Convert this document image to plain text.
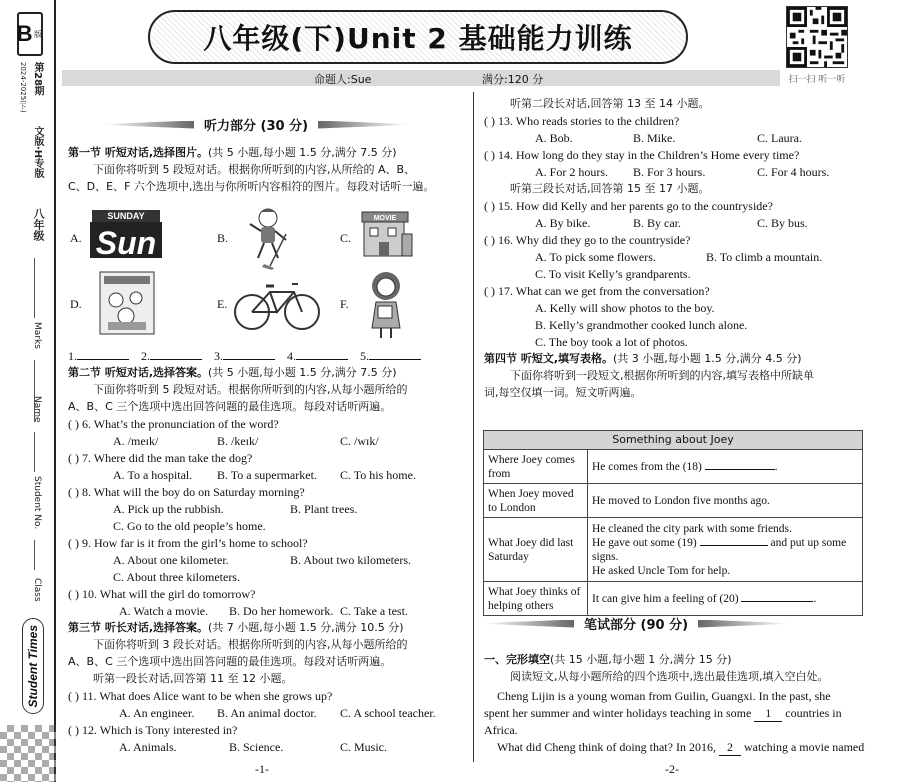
B 版
第28期
2024-2025(下)
文版·H专版
八年级
Marks
Name
Student No.
Class
Student Times
八年级(下)Unit 2 基础能力训练
扫一扫 听一听
命题人:Sue	满分:120 分
听力部分 (30 分)
第一节 听短对话,选择图片。(共 5 小题,每小题 1.5 分,满分 7.5 分)
下面你将听到 5 段短对话。根据你所听到的内容,从所给的 A、B、
C、D、E、F 六个选项中,选出与你所听内容相符的图片。每段对话听一遍。
A.
SUNDAY
Sun	B.	C.
MOVIE
D.	E.	F.
1.	2.	3.	4.	5.
第二节 听短对话,选择答案。(共 5 小题,每小题 1.5 分,满分 7.5 分)
下面你将听到 5 段短对话。根据你所听到的内容,从每小题所给的
A、B、C 三个选项中选出回答问题的最佳选项。每段对话听两遍。
( ) 6. What’s the pronunciation of the word?
A. /meɪk/	B. /keɪk/	C. /wɪk/
( ) 7. Where did the man take the dog?
A. To a hospital. B. To a supermarket. C. To his home.
( ) 8. What will the boy do on Saturday morning?
A. Pick up the rubbish.	B. Plant trees.
C. Go to the old people’s home.
( ) 9. How far is it from the girl’s home to school?
A. About one kilometer.	B. About two kilometers.
C. About three kilometers.
( ) 10. What will the girl do tomorrow?
A. Watch a movie. B. Do her homework. C. Take a test.
第三节 听长对话,选择答案。(共 7 小题,每小题 1.5 分,满分 10.5 分)
下面你将听到 3 段长对话。根据你所听到的内容,从每小题所给的
A、B、C 三个选项中选出回答问题的最佳选项。每段对话听两遍。
听第一段长对话,回答第 11 至 12 小题。
( ) 11. What does Alice want to be when she grows up?
A. An engineer. B. An animal doctor. C. A school teacher.
( ) 12. Which is Tony interested in?
A. Animals.	B. Science.	C. Music.
-1-
听第二段长对话,回答第 13 至 14 小题。
( ) 13. Who reads stories to the children?
A. Bob.	B. Mike.	C. Laura.
( ) 14. How long do they stay in the Children’s Home every time?
A. For 2 hours. B. For 3 hours.	C. For 4 hours.
听第三段长对话,回答第 15 至 17 小题。
( ) 15. How did Kelly and her parents go to the countryside?
A. By bike.	B. By car.	C. By bus.
( ) 16. Why did they go to the countryside?
A. To pick some flowers.	B. To climb a mountain.
C. To visit Kelly’s grandparents.
( ) 17. What can we get from the conversation?
A. Kelly will show photos to the boy.
B. Kelly’s grandmother cooked lunch alone.
C. The boy took a lot of photos.
第四节 听短文,填写表格。(共 3 小题,每小题 1.5 分,满分 4.5 分)
下面你将听到一段短文,根据你所听到的内容,填写表格中所缺单
词,每空仅填一词。短文听两遍。
Something about Joey	
Where Joey comes from	He comes from the (18) .
When Joey moved to London	He moved to London five months ago.
What Joey did last Saturday	He cleaned the city park with some friends.
He gave out some (19) and put up some signs.
He asked Uncle Tom for help.

What Joey thinks of helping others	It can give him a feeling of (20) .
笔试部分 (90 分)
一、完形填空(共 15 小题,每小题 1 分,满分 15 分)
阅读短文,从每小题所给的四个选项中,选出最佳选项,填入空白处。
Cheng Lijin is a young woman from Guilin, Guangxi. In the past, she
spent her summer and winter holidays teaching in some 1 countries in
Africa.
What did Cheng think of doing that? In 2016, 2 watching a movie named
-2-
